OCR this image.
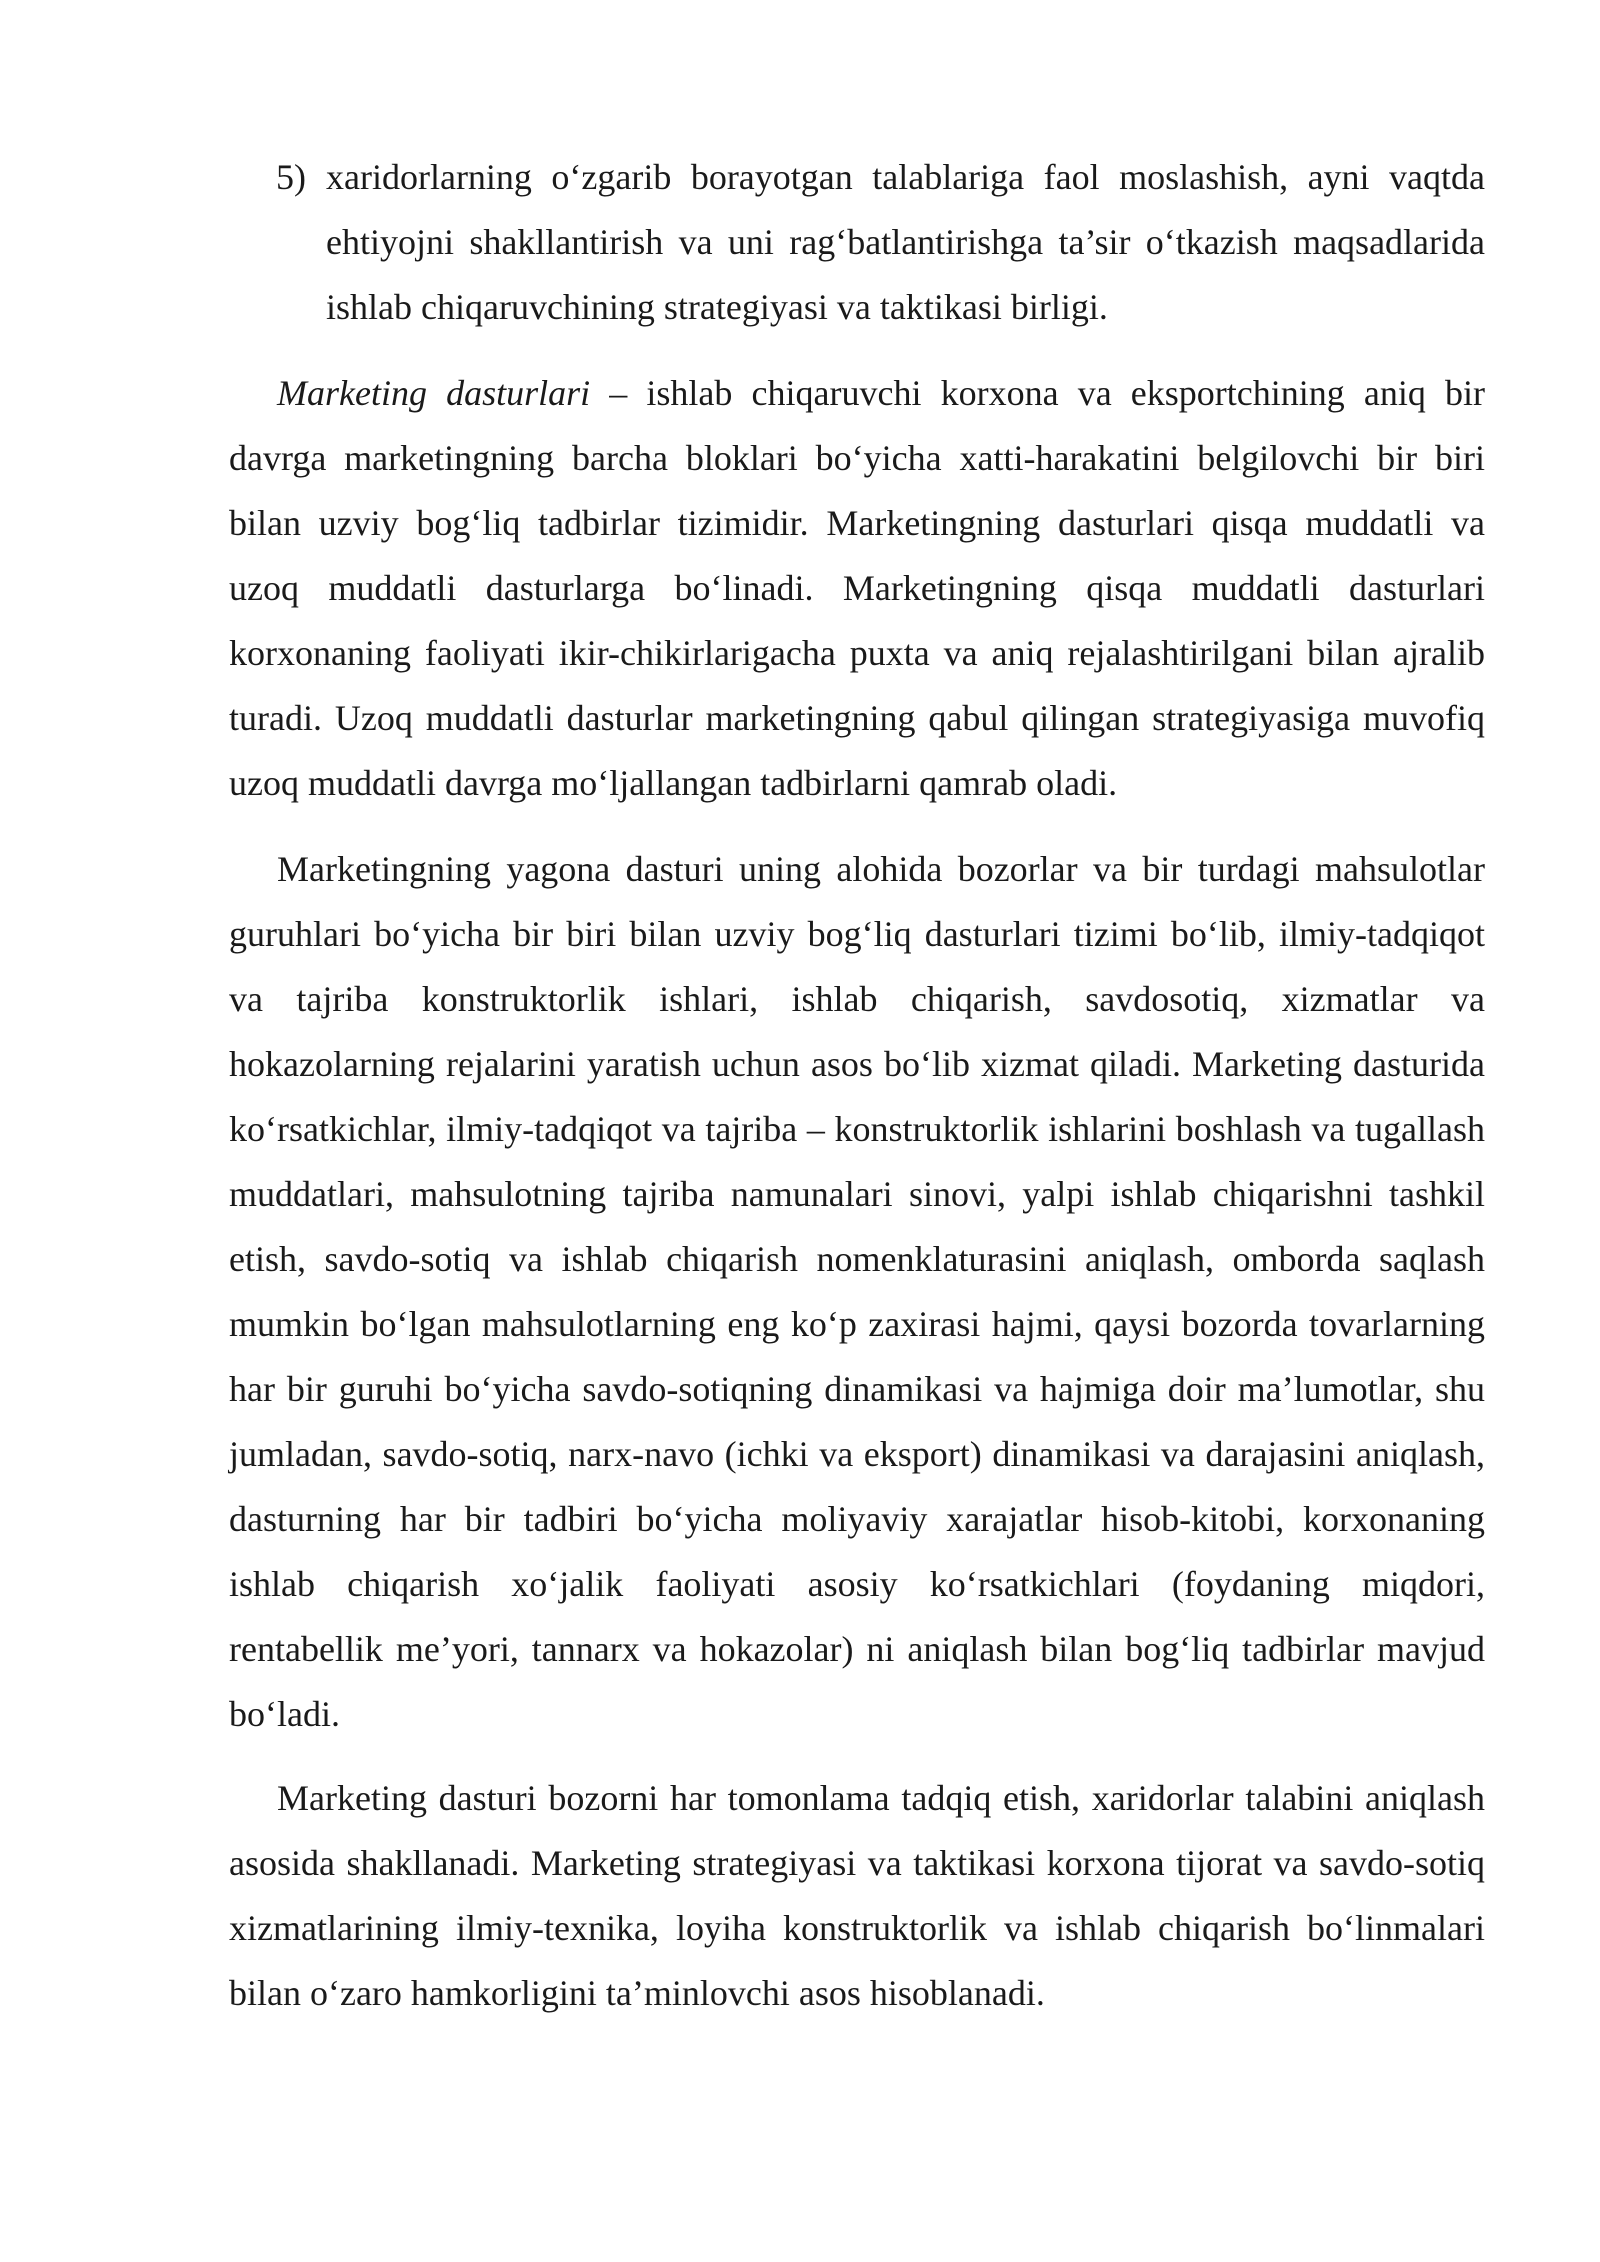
5) xaridorlarning o‘zgarib borayotgan talablariga faol moslashish, ayni vaqtda ehtiyojni shakllantirish va uni rag‘batlantirishga ta’sir o‘tkazish maqsadlarida ishlab chiqaruvchining strategiyasi va taktikasi birligi.

Marketing dasturlari – ishlab chiqaruvchi korxona va eksportchining aniq bir davrga marketingning barcha bloklari bo‘yicha xatti-harakatini belgilovchi bir biri bilan uzviy bog‘liq tadbirlar tizimidir. Marketingning dasturlari qisqa muddatli va uzoq muddatli dasturlarga bo‘linadi. Marketingning qisqa muddatli dasturlari korxonaning faoliyati ikir-chikirlarigacha puxta va aniq rejalashtirilgani bilan ajralib turadi. Uzoq muddatli dasturlar marketingning qabul qilingan strategiyasiga muvofiq uzoq muddatli davrga mo‘ljallangan tadbirlarni qamrab oladi.

Marketingning yagona dasturi uning alohida bozorlar va bir turdagi mahsulotlar guruhlari bo‘yicha bir biri bilan uzviy bog‘liq dasturlari tizimi bo‘lib, ilmiy-tadqiqot va tajriba konstruktorlik ishlari, ishlab chiqarish, savdosotiq, xizmatlar va hokazolarning rejalarini yaratish uchun asos bo‘lib xizmat qiladi. Marketing dasturida ko‘rsatkichlar, ilmiy-tadqiqot va tajriba – konstruktorlik ishlarini boshlash va tugallash muddatlari, mahsulotning tajriba namunalari sinovi, yalpi ishlab chiqarishni tashkil etish, savdo-sotiq va ishlab chiqarish nomenklaturasini aniqlash, omborda saqlash mumkin bo‘lgan mahsulotlarning eng ko‘p zaxirasi hajmi, qaysi bozorda tovarlarning har bir guruhi bo‘yicha savdo-sotiqning dinamikasi va hajmiga doir ma’lumotlar, shu jumladan, savdo-sotiq, narx-navo (ichki va eksport) dinamikasi va darajasini aniqlash, dasturning har bir tadbiri bo‘yicha moliyaviy xarajatlar hisob-kitobi, korxonaning ishlab chiqarish xo‘jalik faoliyati asosiy ko‘rsatkichlari (foydaning miqdori, rentabellik me’yori, tannarx va hokazolar) ni aniqlash bilan bog‘liq tadbirlar mavjud bo‘ladi.

Marketing dasturi bozorni har tomonlama tadqiq etish, xaridorlar talabini aniqlash asosida shakllanadi. Marketing strategiyasi va taktikasi korxona tijorat va savdo-sotiq xizmatlarining ilmiy-texnika, loyiha konstruktorlik va ishlab chiqarish bo‘linmalari bilan o‘zaro hamkorligini ta’minlovchi asos hisoblanadi.
